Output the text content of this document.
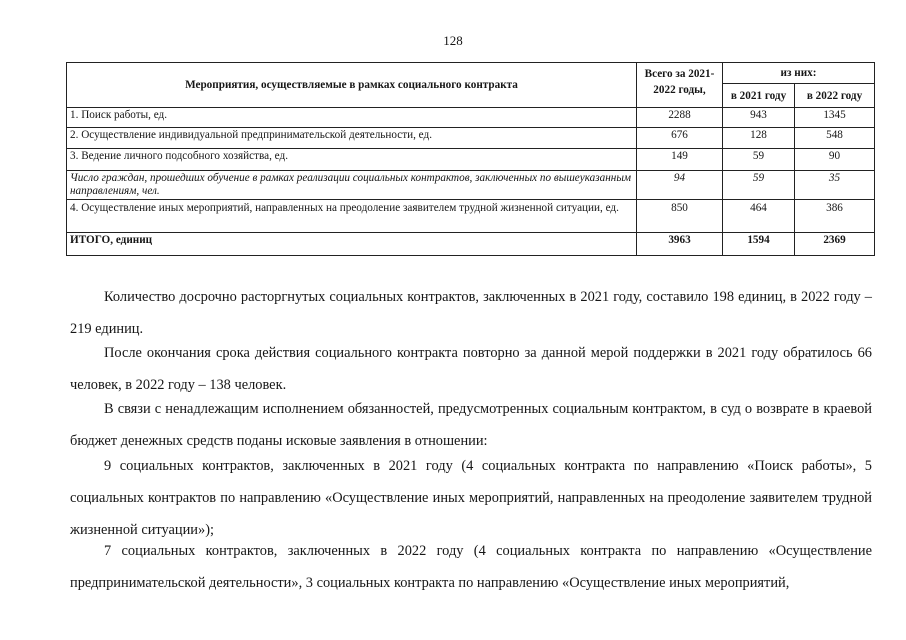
128
Мероприятия, осуществляемые в рамках социального контракта	Всего за 2021-2022 годы,	из них:	
		в 2021 году	в 2022 году
1. Поиск работы, ед.	2288	943	1345
2. Осуществление индивидуальной предпринимательской деятельности, ед.	676	128	548
3. Ведение личного подсобного хозяйства, ед.	149	59	90
Число граждан, прошедших обучение в рамках реализации социальных контрактов, заключенных по вышеуказанным направлениям, чел.	94	59	35
4. Осуществление иных мероприятий, направленных на преодоление заявителем трудной жизненной ситуации, ед.	850	464	386
ИТОГО, единиц	3963	1594	2369

Количество досрочно расторгнутых социальных контрактов, заключенных в 2021 году, составило 198 единиц, в 2022 году – 219 единиц.

После окончания срока действия социального контракта повторно за данной мерой поддержки в 2021 году обратилось 66 человек, в 2022 году – 138 человек.

В связи с ненадлежащим исполнением обязанностей, предусмотренных социальным контрактом, в суд о возврате в краевой бюджет денежных средств поданы исковые заявления в отношении:

9 социальных контрактов, заключенных в 2021 году (4 социальных контракта по направлению «Поиск работы», 5 социальных контрактов по направлению «Осуществление иных мероприятий, направленных на преодоление заявителем трудной жизненной ситуации»);

7 социальных контрактов, заключенных в 2022 году (4 социальных контракта по направлению «Осуществление предпринимательской деятельности», 3 социальных контракта по направлению «Осуществление иных мероприятий,
